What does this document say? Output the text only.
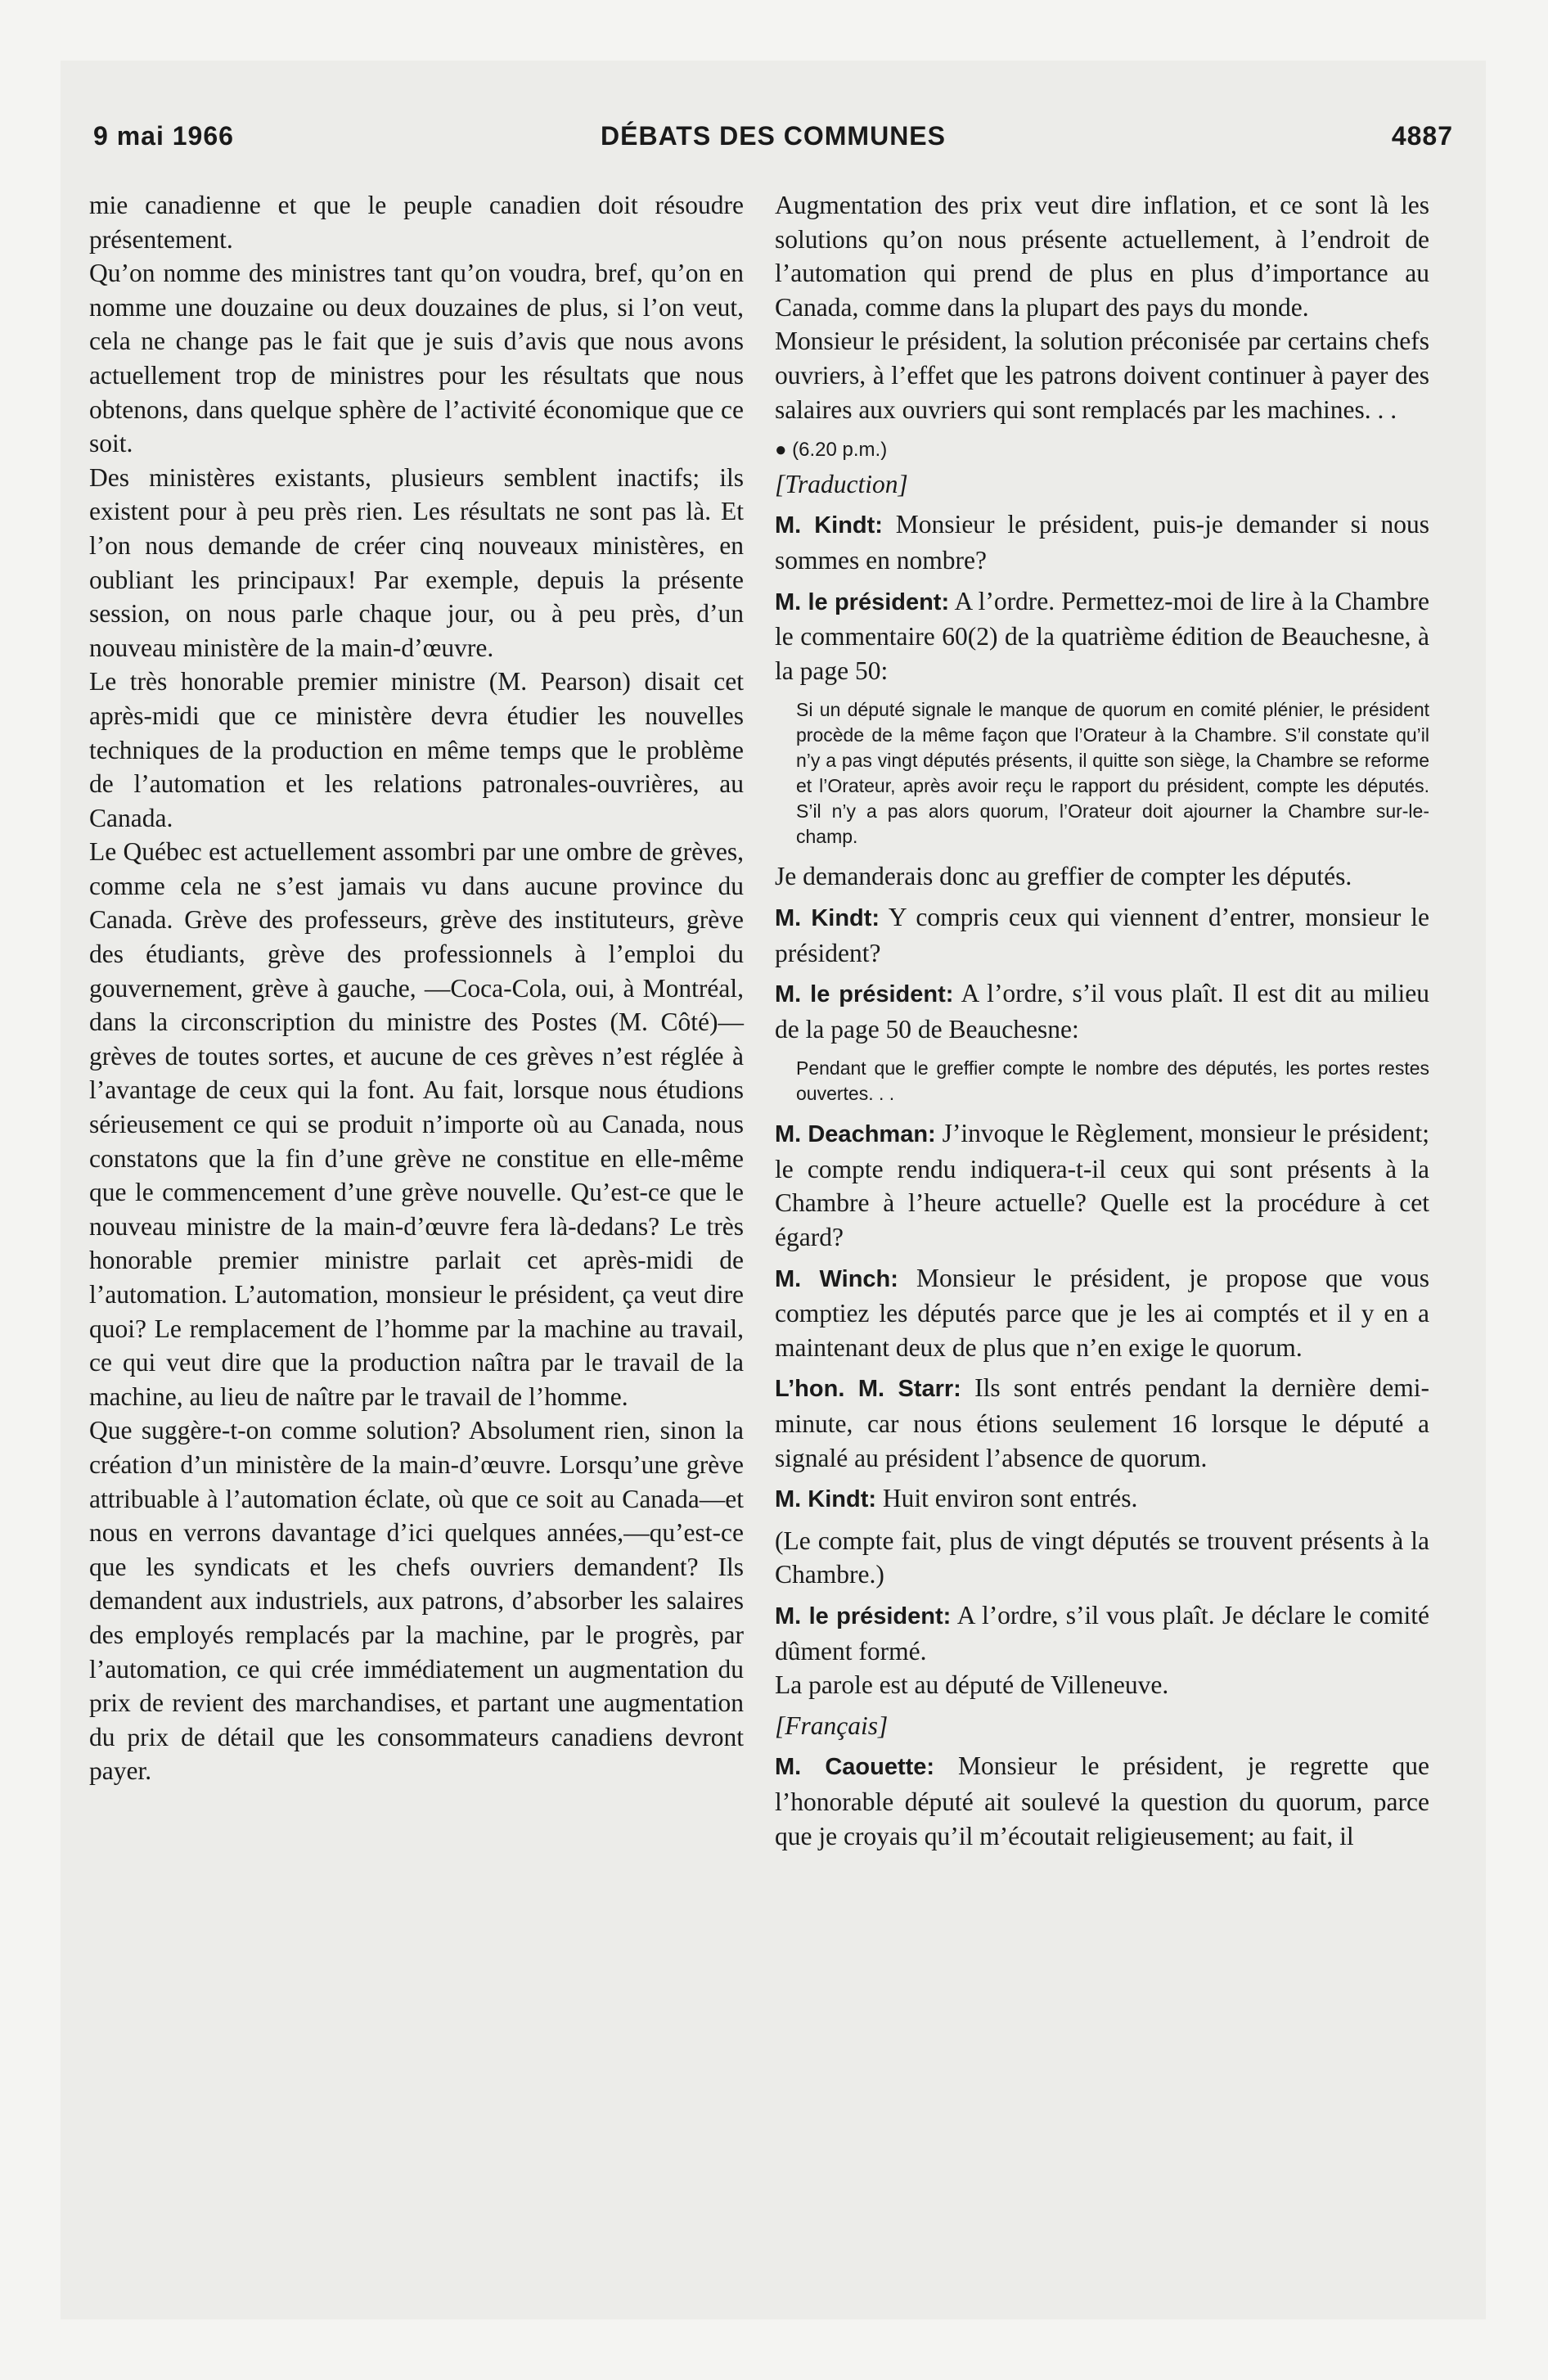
9 mai 1966	DÉBATS DES COMMUNES	4887

mie canadienne et que le peuple canadien doit résoudre présentement.

Qu’on nomme des ministres tant qu’on voudra, bref, qu’on en nomme une douzaine ou deux douzaines de plus, si l’on veut, cela ne change pas le fait que je suis d’avis que nous avons actuellement trop de ministres pour les résultats que nous obtenons, dans quelque sphère de l’activité économique que ce soit.

Des ministères existants, plusieurs semblent inactifs; ils existent pour à peu près rien. Les résultats ne sont pas là. Et l’on nous demande de créer cinq nouveaux ministères, en oubliant les principaux! Par exemple, depuis la présente session, on nous parle chaque jour, ou à peu près, d’un nouveau ministère de la main-d’œuvre.

Le très honorable premier ministre (M. Pearson) disait cet après-midi que ce ministère devra étudier les nouvelles techniques de la production en même temps que le problème de l’automation et les relations patronales-ouvrières, au Canada.

Le Québec est actuellement assombri par une ombre de grèves, comme cela ne s’est jamais vu dans aucune province du Canada. Grève des professeurs, grève des instituteurs, grève des étudiants, grève des professionnels à l’emploi du gouvernement, grève à gauche, —Coca-Cola, oui, à Montréal, dans la circonscription du ministre des Postes (M. Côté)— grèves de toutes sortes, et aucune de ces grèves n’est réglée à l’avantage de ceux qui la font. Au fait, lorsque nous étudions sérieusement ce qui se produit n’importe où au Canada, nous constatons que la fin d’une grève ne constitue en elle-même que le commencement d’une grève nouvelle. Qu’est-ce que le nouveau ministre de la main-d’œuvre fera là-dedans? Le très honorable premier ministre parlait cet après-midi de l’automation. L’automation, monsieur le président, ça veut dire quoi? Le remplacement de l’homme par la machine au travail, ce qui veut dire que la production naîtra par le travail de la machine, au lieu de naître par le travail de l’homme.

Que suggère-t-on comme solution? Absolument rien, sinon la création d’un ministère de la main-d’œuvre. Lorsqu’une grève attribuable à l’automation éclate, où que ce soit au Canada—et nous en verrons davantage d’ici quelques années,—qu’est-ce que les syndicats et les chefs ouvriers demandent? Ils demandent aux industriels, aux patrons, d’absorber les salaires des employés remplacés par la machine, par le progrès, par l’automation, ce qui crée immédiatement un augmentation du prix de revient des marchandises, et partant une augmentation du prix de détail que les consommateurs canadiens devront payer.

Augmentation des prix veut dire inflation, et ce sont là les solutions qu’on nous présente actuellement, à l’endroit de l’automation qui prend de plus en plus d’importance au Canada, comme dans la plupart des pays du monde.

Monsieur le président, la solution préconisée par certains chefs ouvriers, à l’effet que les patrons doivent continuer à payer des salaires aux ouvriers qui sont remplacés par les machines. . .

● (6.20 p.m.)

[Traduction]

M. Kindt: Monsieur le président, puis-je demander si nous sommes en nombre?

M. le président: A l’ordre. Permettez-moi de lire à la Chambre le commentaire 60(2) de la quatrième édition de Beauchesne, à la page 50:

Si un député signale le manque de quorum en comité plénier, le président procède de la même façon que l’Orateur à la Chambre. S’il constate qu’il n’y a pas vingt députés présents, il quitte son siège, la Chambre se reforme et l’Orateur, après avoir reçu le rapport du président, compte les députés. S’il n’y a pas alors quorum, l’Orateur doit ajourner la Chambre sur-le-champ.

Je demanderais donc au greffier de compter les députés.

M. Kindt: Y compris ceux qui viennent d’entrer, monsieur le président?

M. le président: A l’ordre, s’il vous plaît. Il est dit au milieu de la page 50 de Beauchesne:

Pendant que le greffier compte le nombre des députés, les portes restes ouvertes. . .

M. Deachman: J’invoque le Règlement, monsieur le président; le compte rendu indiquera-t-il ceux qui sont présents à la Chambre à l’heure actuelle? Quelle est la procédure à cet égard?

M. Winch: Monsieur le président, je propose que vous comptiez les députés parce que je les ai comptés et il y en a maintenant deux de plus que n’en exige le quorum.

L’hon. M. Starr: Ils sont entrés pendant la dernière demi-minute, car nous étions seulement 16 lorsque le député a signalé au président l’absence de quorum.

M. Kindt: Huit environ sont entrés.

(Le compte fait, plus de vingt députés se trouvent présents à la Chambre.)

M. le président: A l’ordre, s’il vous plaît. Je déclare le comité dûment formé.

La parole est au député de Villeneuve.

[Français]

M. Caouette: Monsieur le président, je regrette que l’honorable député ait soulevé la question du quorum, parce que je croyais qu’il m’écoutait religieusement; au fait, il
